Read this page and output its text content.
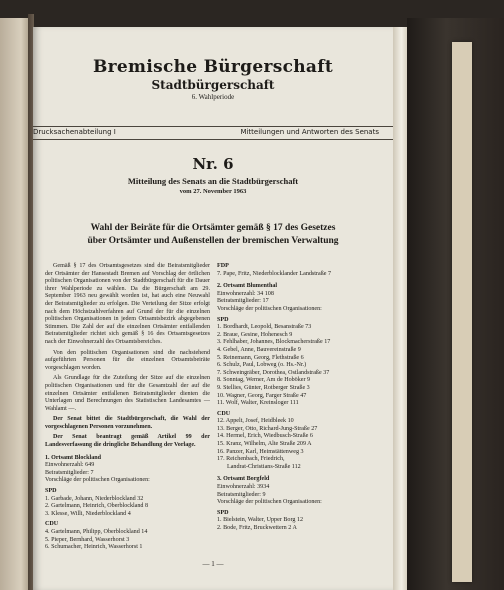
Bremische Bürgerschaft

Stadtbürgerschaft

6. Wahlperiode

Drucksachenabteilung I	Mitteilungen und Antworten des Senats
Nr. 6
Mitteilung des Senats an die Stadtbürgerschaft
vom 27. November 1963
Wahl der Beiräte für die Ortsämter gemäß § 17 des Gesetzes
über Ortsämter und Außenstellen der bremischen Verwaltung

Gemäß § 17 des Ortsamtsgesetzes sind die Beiratsmitglieder der Ortsämter der Hansestadt Bremen auf Vorschlag der örtlichen politischen Organisationen von der Stadtbürgerschaft für die Dauer ihrer Wahlperiode zu wählen. Da die Bürgerschaft am 29. September 1963 neu gewählt worden ist, hat auch eine Neuwahl der Beiratsmitglieder zu erfolgen. Die Verteilung der Sitze erfolgt nach dem Höchstzahlverfahren auf Grund der für die einzelnen politischen Organisationen in jedem Ortsamtsbezirk abgegebenen Stimmen. Die Zahl der auf die einzelnen Ortsämter entfallenden Beiratsmitglieder richtet sich gemäß § 16 des Ortsamtsgesetzes nach der Einwohnerzahl des Ortsamtsbereiches.

Von den politischen Organisationen sind die nachstehend aufgeführten Personen für die einzelnen Ortsamtsbeiräte vorgeschlagen worden.

Als Grundlage für die Zuteilung der Sitze auf die einzelnen politischen Organisationen und für die Gesamtzahl der auf die einzelnen Ortsämter entfallenen Beiratsmitglieder dienten die Unterlagen und Berechnungen des Statistischen Landesamtes — Wahlamt —.

Der Senat bittet die Stadtbürgerschaft, die Wahl der vorgeschlagenen Personen vorzunehmen.

Der Senat beantragt gemäß Artikel 99 der Landesverfassung die dringliche Behandlung der Vorlage.

1. Ortsamt Blockland

Einwohnerzahl: 649
Beiratsmitglieder: 7
Vorschläge der politischen Organisationen:

SPD

1. Garbade, Johann, Niederblockland 32
2. Gartelmann, Heinrich, Oberblockland 8
3. Klesse, Willi, Niederblockland 4

CDU

4. Gartelmann, Philipp, Oberblockland 14
5. Pieper, Bernhard, Wasserhorst 3
6. Schumacher, Heinrich, Wasserhorst 1

FDP

7. Pape, Fritz, Niederblocklander Landstraße 7

2. Ortsamt Blumenthal

Einwohnerzahl: 34 108
Beiratsmitglieder: 17
Vorschläge der politischen Organisationen:

SPD

1. Bordhardt, Leopold, Besanstraße 73
2. Braue, Gesine, Hohenesch 9
3. Fehlhaber, Johannes, Blockmacherstraße 17
4. Gebel, Anne, Bauvereinstraße 9
5. Reinemann, Georg, Flethstraße 6
6. Schulz, Paul, Lobweg (o. Hs.-Nr.)
7. Schweingräber, Dorothea, Ostlandstraße 37
8. Sonntag, Werner, Am de Hoböker 9
9. Stellies, Günter, Rotberger Straße 3
10. Wagner, Georg, Farger Straße 47
11. Wolf, Walter, Kreinsloger 111

CDU

12. Appelt, Josef, Heidbleek 10
13. Berger, Otto, Richard-Jung-Straße 27
14. Hermel, Erich, Wiedbusch-Straße 6
15. Kranz, Wilhelm, Alte Straße 209 A
16. Panzer, Karl, Heimstättenweg 3
17. Reichenbach, Friedrich,
Landrat-Christians-Straße 112

3. Ortsamt Borgfeld

Einwohnerzahl: 3934
Beiratsmitglieder: 9
Vorschläge der politischen Organisationen:

SPD

1. Bielstein, Walter, Upper Borg 12
2. Bode, Fritz, Bruckwettern 2 A
— 1 —
